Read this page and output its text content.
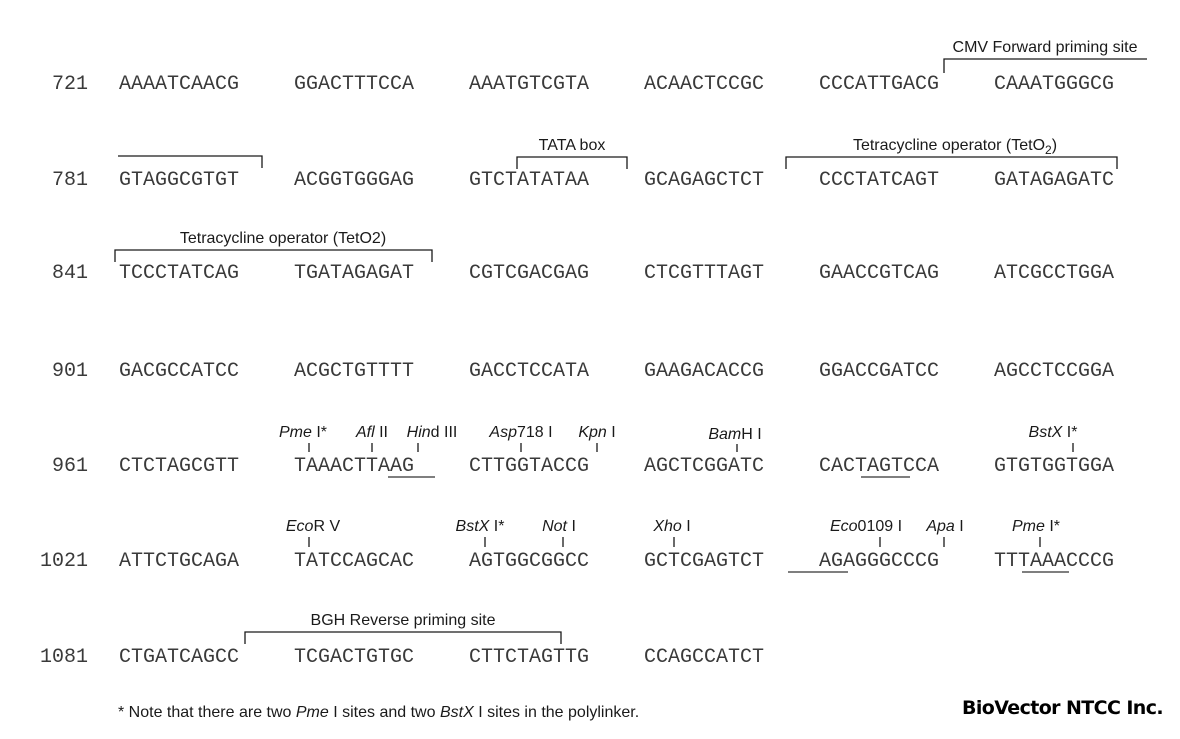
721 AAAATCAACG	GGACTTTCCA	AAATGTCGTA	ACAACTCCGC	CCCATTGACG	CAAATGGGCG
781 GTAGGCGTGT	ACGGTGGGAG	GTCTATATAA	GCAGAGCTCT	CCCTATCAGT	GATAGAGATC
841 TCCCTATCAG	TGATAGAGAT	CGTCGACGAG	CTCGTTTAGT	GAACCGTCAG	ATCGCCTGGA
901 GACGCCATCC	ACGCTGTTTT	GACCTCCATA	GAAGACACCG	GGACCGATCC	AGCCTCCGGA
961 CTCTAGCGTT	TAAACTTAAG	CTTGGTACCG	AGCTCGGATC	CACTAGTCCA	GTGTGGTGGA
1021 ATTCTGCAGA	TATCCAGCAC	AGTGGCGGCC	GCTCGAGTCT	AGAGGGCCCG	TTTAAACCCG
1081 CTGATCAGCC	TCGACTGTGC	CTTCTAGTTG	CCAGCCATCT
CMV Forward priming site
TATA box	Tetracycline operator (TetO$_2$)
Tetracycline operator (TetO2)
BGH Reverse priming site
Pme I* Afl II Hind III Asp718 I Kpn I	BamH I	BstX I*
EcoR V	BstX I* Not I	Xho I	Eco0109 I Apa I	Pme I*
* Note that there are two Pme I sites and two BstX I sites in the polylinker.	BioVector NTCC Inc.
